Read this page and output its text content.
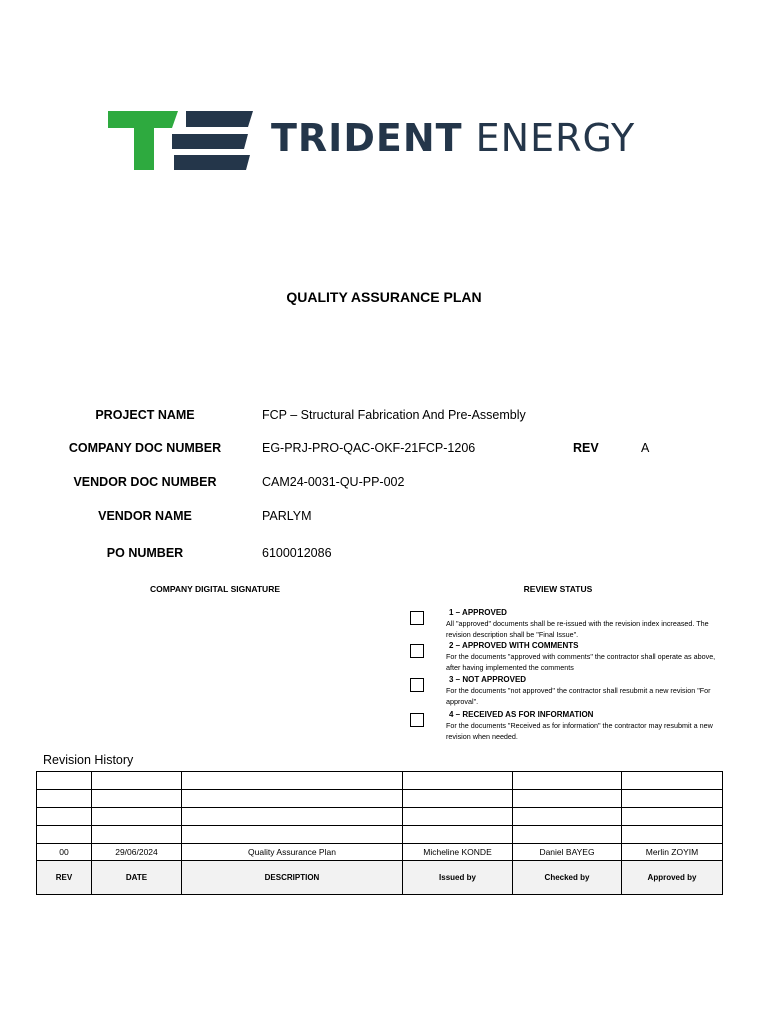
TRIDENT ENERGY
QUALITY ASSURANCE PLAN
PROJECT NAME	FCP – Structural Fabrication And Pre-Assembly
COMPANY DOC NUMBER	EG-PRJ-PRO-QAC-OKF-21FCP-1206	REV	A
VENDOR DOC NUMBER	CAM24-0031-QU-PP-002
VENDOR NAME	PARLYM
PO NUMBER	6100012086
COMPANY DIGITAL SIGNATURE	REVIEW STATUS
1 – APPROVED
All "approved" documents shall be re-issued with the revision index increased. The revision description shall be "Final Issue".
2 – APPROVED WITH COMMENTS
For the documents "approved with comments" the contractor shall operate as above, after having implemented the comments
3 – NOT APPROVED
For the documents "not approved" the contractor shall resubmit a new revision "For approval".
4 – RECEIVED AS FOR INFORMATION
For the documents "Received as for information" the contractor may resubmit a new revision when needed.
Revision History

00	29/06/2024	Quality Assurance Plan	Micheline KONDE	Daniel BAYEG	Merlin ZOYIM
REV	DATE	DESCRIPTION	Issued by	Checked by	Approved by
